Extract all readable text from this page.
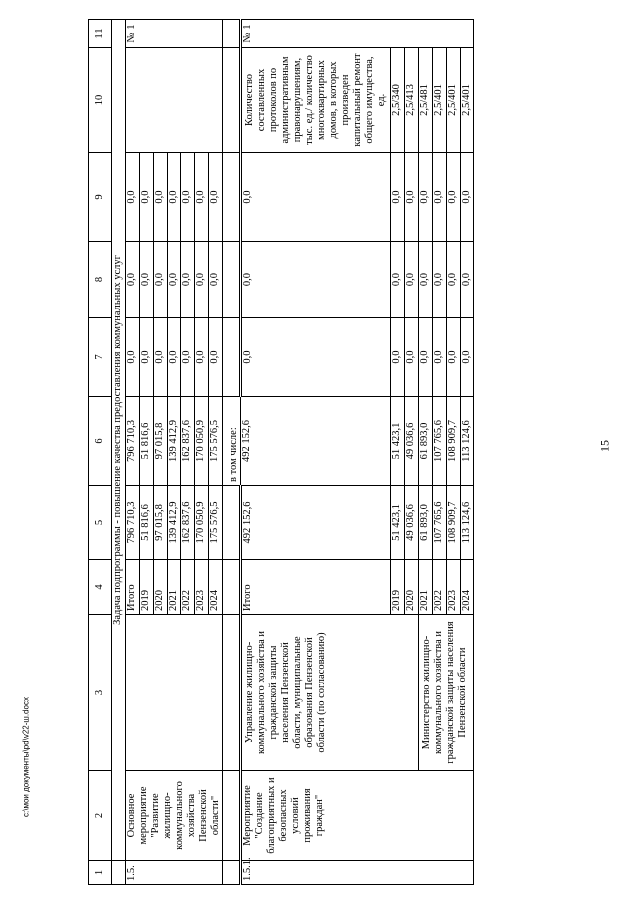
15
c:\мои документы\pd\v22-ш.docx
1	2	3	4	5	6	7	8	9	10	11
	Задача подпрограммы - повышение качества предоставления коммунальных услуг									
1.5.	Основное мероприятие "Развитие жилищно-коммунального хозяйства Пензенской области"		Итого	796 710,3	796 710,3	0,0	0,0	0,0		№ 1
			2019	51 816,6	51 816,6	0,0	0,0	0,0		
			2020	97 015,8	97 015,8	0,0	0,0	0,0		
			2021	139 412,9	139 412,9	0,0	0,0	0,0		
			2022	162 837,6	162 837,6	0,0	0,0	0,0		
			2023	170 050,9	170 050,9	0,0	0,0	0,0		
			2024	175 576,5	175 576,5	0,0	0,0	0,0		
					в том числе:					
1.5.1.	Мероприятие "Создание благоприятных и безопасных условий проживания граждан"	Управление жилищно-коммунального хозяйства и гражданской защиты населения Пензенской области, муниципальные образования Пензенской области (по согласованию)	Итого	492 152,6	492 152,6	0,0	0,0	0,0	Количество составленных протоколов по административным правонарушениям, тыс. ед./ количество многоквартирных домов, в которых произведен капитальный ремонт общего имущества, ед.	№ 1
			2019	51 423,1	51 423,1	0,0	0,0	0,0	2,5/340	
			2020	49 036,6	49 036,6	0,0	0,0	0,0	2,5/413	
		Министерство жилищно-коммунального хозяйства и гражданской защиты населения Пензенской области	2021	61 893,0	61 893,0	0,0	0,0	0,0	2,5/481	
			2022	107 765,6	107 765,6	0,0	0,0	0,0	2,5/401	
			2023	108 909,7	108 909,7	0,0	0,0	0,0	2,5/401	
			2024	113 124,6	113 124,6	0,0	0,0	0,0	2,5/401	
